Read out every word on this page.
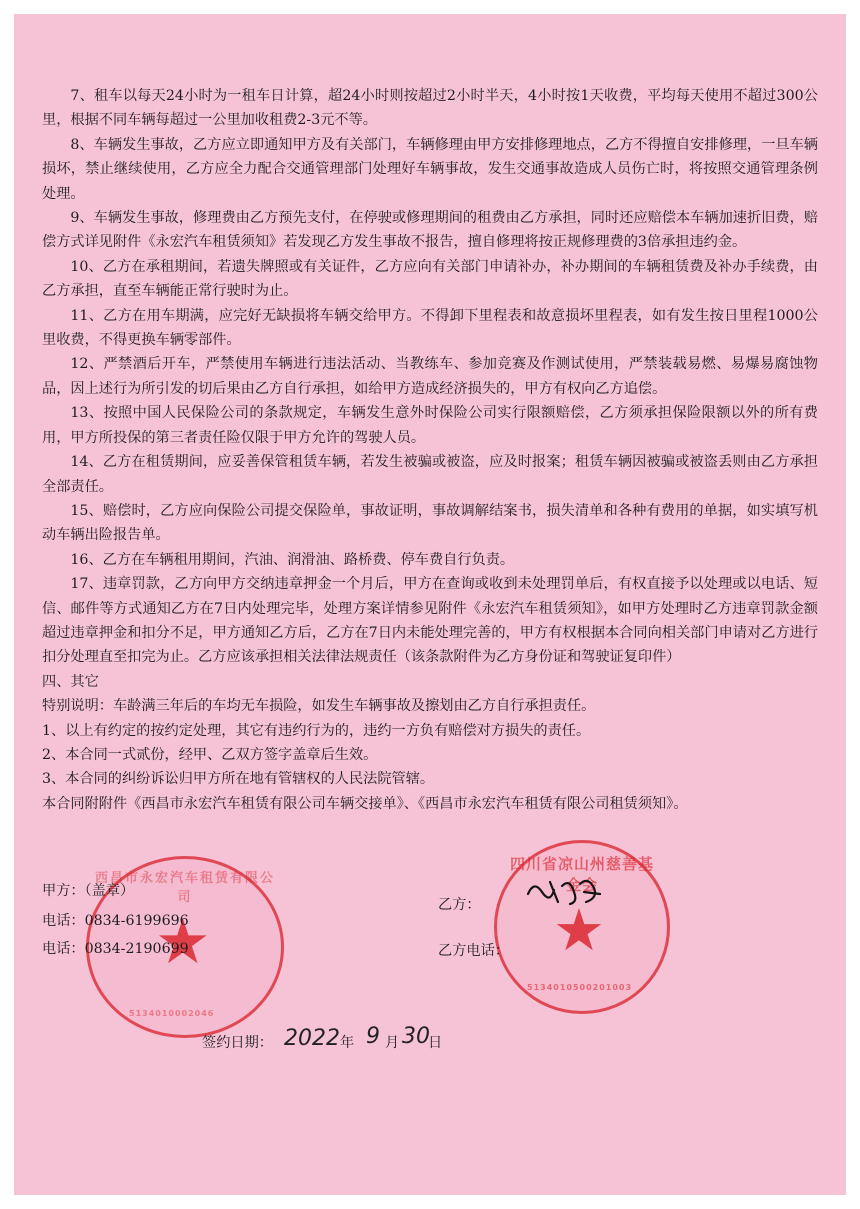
7、租车以每天24小时为一租车日计算，超24小时则按超过2小时半天，4小时按1天收费，平均每天使用不超过300公里，根据不同车辆每超过一公里加收租费2-3元不等。

8、车辆发生事故，乙方应立即通知甲方及有关部门，车辆修理由甲方安排修理地点，乙方不得擅自安排修理，一旦车辆损坏，禁止继续使用，乙方应全力配合交通管理部门处理好车辆事故，发生交通事故造成人员伤亡时，将按照交通管理条例处理。

9、车辆发生事故，修理费由乙方预先支付，在停驶或修理期间的租费由乙方承担，同时还应赔偿本车辆加速折旧费，赔偿方式详见附件《永宏汽车租赁须知》若发现乙方发生事故不报告，擅自修理将按正规修理费的3倍承担违约金。

10、乙方在承租期间，若遗失牌照或有关证件，乙方应向有关部门申请补办，补办期间的车辆租赁费及补办手续费，由乙方承担，直至车辆能正常行驶时为止。

11、乙方在用车期满，应完好无缺损将车辆交给甲方。不得卸下里程表和故意损坏里程表，如有发生按日里程1000公里收费，不得更换车辆零部件。

12、严禁酒后开车，严禁使用车辆进行违法活动、当教练车、参加竞赛及作测试使用，严禁装载易燃、易爆易腐蚀物品，因上述行为所引发的切后果由乙方自行承担，如给甲方造成经济损失的，甲方有权向乙方追偿。

13、按照中国人民保险公司的条款规定，车辆发生意外时保险公司实行限额赔偿，乙方须承担保险限额以外的所有费用，甲方所投保的第三者责任险仅限于甲方允许的驾驶人员。

14、乙方在租赁期间，应妥善保管租赁车辆，若发生被骗或被盗，应及时报案；租赁车辆因被骗或被盗丢则由乙方承担全部责任。

15、赔偿时，乙方应向保险公司提交保险单，事故证明，事故调解结案书，损失清单和各种有费用的单据，如实填写机动车辆出险报告单。

16、乙方在车辆租用期间，汽油、润滑油、路桥费、停车费自行负责。

17、违章罚款，乙方向甲方交纳违章押金一个月后，甲方在查询或收到未处理罚单后，有权直接予以处理或以电话、短信、邮件等方式通知乙方在7日内处理完毕，处理方案详情参见附件《永宏汽车租赁须知》，如甲方处理时乙方违章罚款金额超过违章押金和扣分不足，甲方通知乙方后，乙方在7日内未能处理完善的，甲方有权根据本合同向相关部门申请对乙方进行扣分处理直至扣完为止。乙方应该承担相关法律法规责任（该条款附件为乙方身份证和驾驶证复印件）

四、其它

特别说明：车龄满三年后的车均无车损险，如发生车辆事故及擦划由乙方自行承担责任。

1、以上有约定的按约定处理，其它有违约行为的，违约一方负有赔偿对方损失的责任。

2、本合同一式贰份，经甲、乙双方签字盖章后生效。

3、本合同的纠纷诉讼归甲方所在地有管辖权的人民法院管辖。

本合同附附件《西昌市永宏汽车租赁有限公司车辆交接单》、《西昌市永宏汽车租赁有限公司租赁须知》。

西昌市永宏汽车租赁有限公司
★
5134010002046
四川省凉山州慈善基金会
★
5134010500201003
甲方：（盖章）
电话：0834-6199696
电话：0834-2190699
乙方：
乙方电话：
签约日期： 2022 年 9 月 30
日
